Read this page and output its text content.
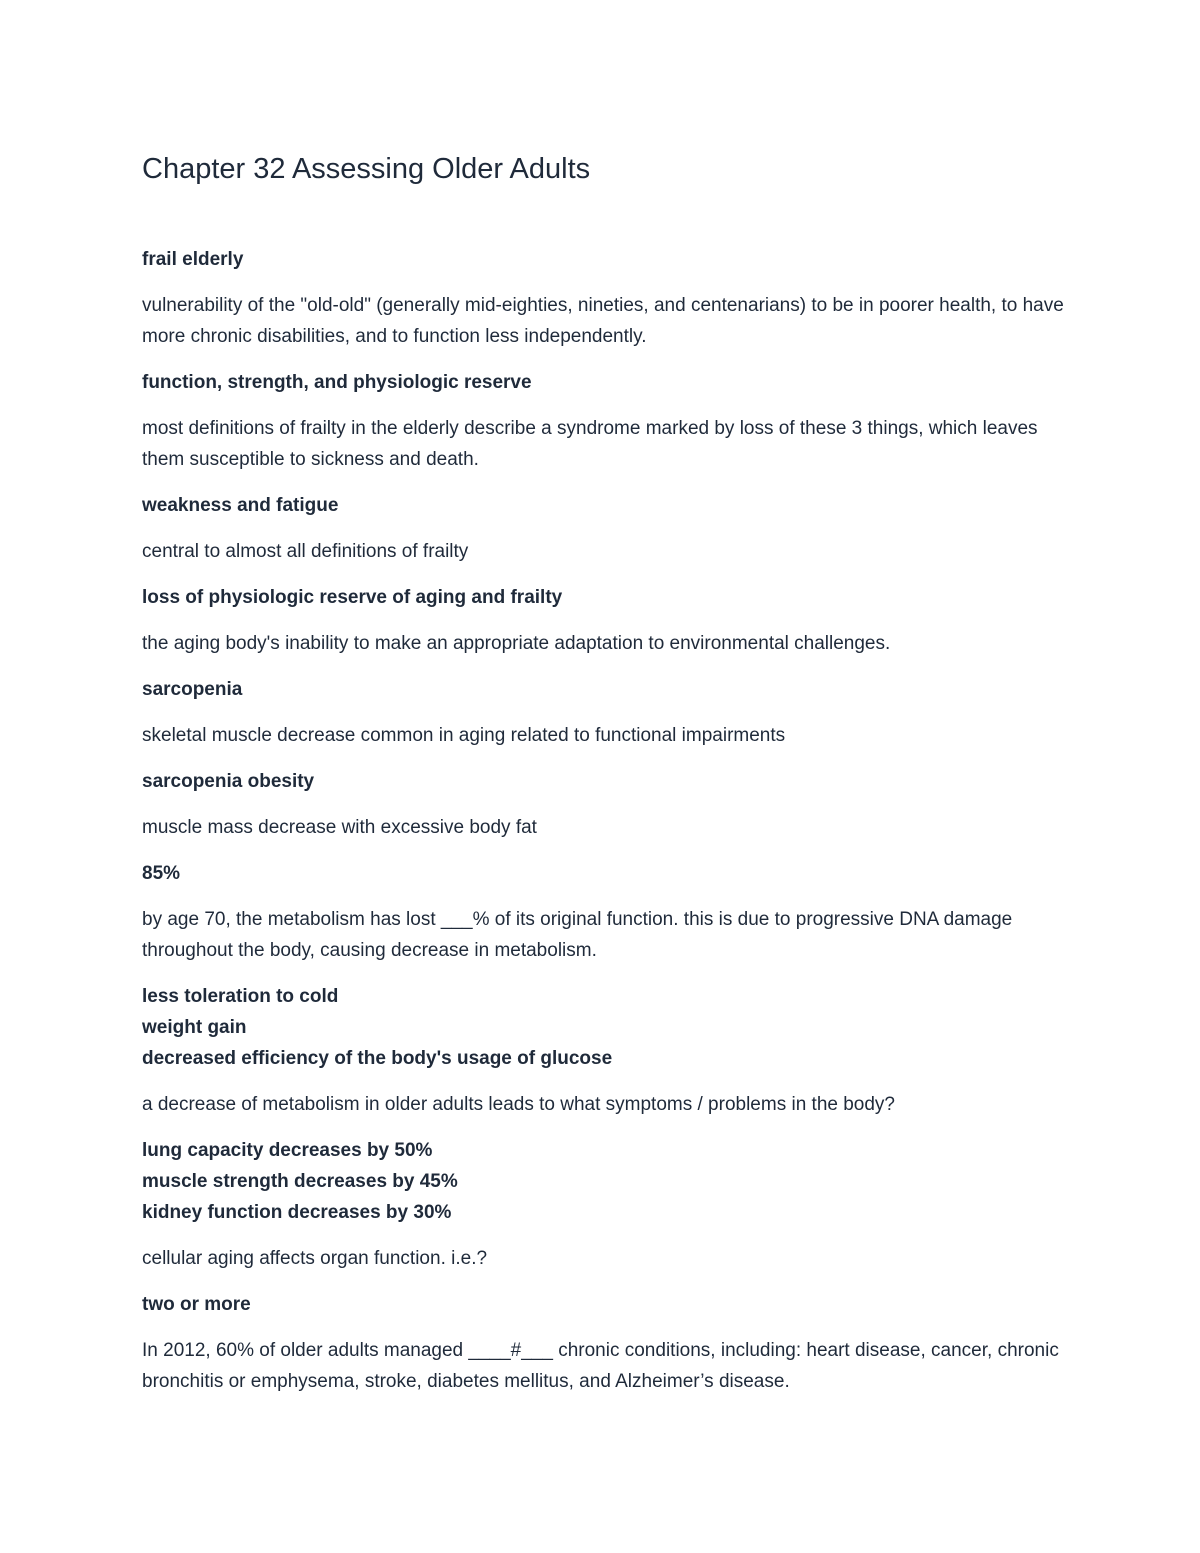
Chapter 32 Assessing Older Adults
frail elderly
vulnerability of the "old-old" (generally mid-eighties, nineties, and centenarians) to be in poorer health, to have more chronic disabilities, and to function less independently.
function, strength, and physiologic reserve
most definitions of frailty in the elderly describe a syndrome marked by loss of these 3 things, which leaves them susceptible to sickness and death.
weakness and fatigue
central to almost all definitions of frailty
loss of physiologic reserve of aging and frailty
the aging body's inability to make an appropriate adaptation to environmental challenges.
sarcopenia
skeletal muscle decrease common in aging related to functional impairments
sarcopenia obesity
muscle mass decrease with excessive body fat
85%
by age 70, the metabolism has lost ___% of its original function. this is due to progressive DNA damage throughout the body, causing decrease in metabolism.
less toleration to cold
weight gain
decreased efficiency of the body's usage of glucose
a decrease of metabolism in older adults leads to what symptoms / problems in the body?
lung capacity decreases by 50%
muscle strength decreases by 45%
kidney function decreases by 30%
cellular aging affects organ function. i.e.?
two or more
In 2012, 60% of older adults managed ____#___ chronic conditions, including: heart disease, cancer, chronic bronchitis or emphysema, stroke, diabetes mellitus, and Alzheimer’s disease.
